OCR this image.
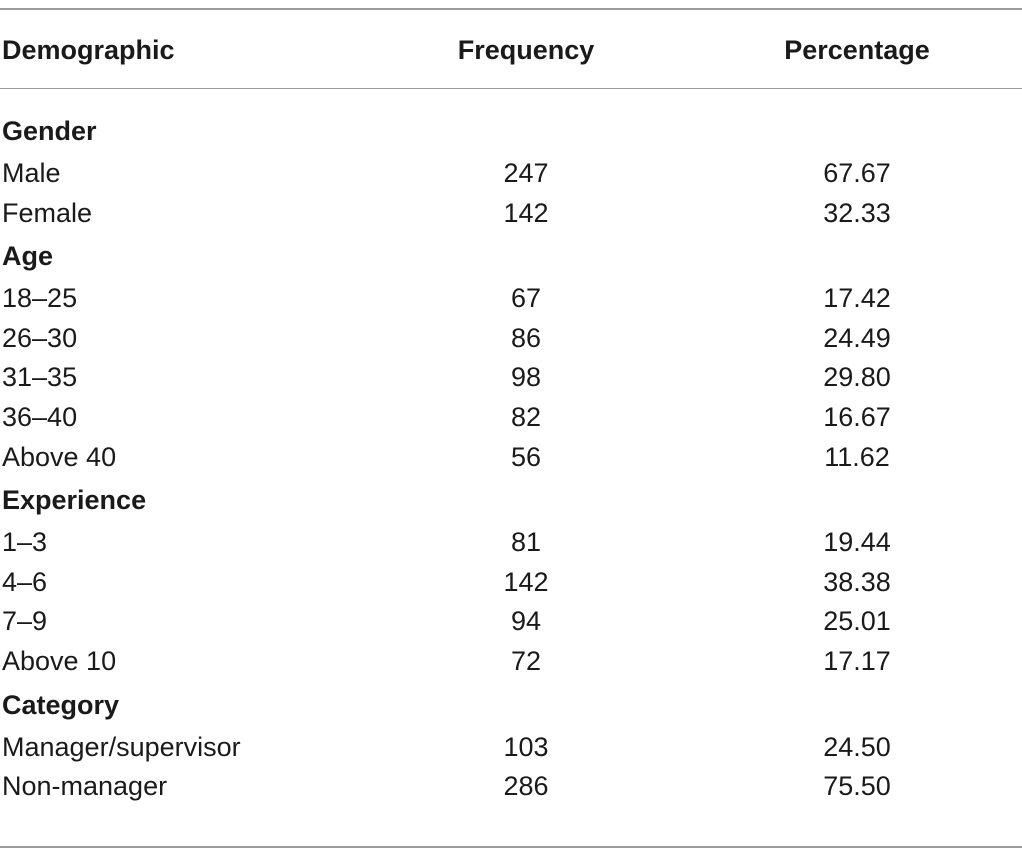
Demographic	Frequency	Percentage
Gender
Male	247	67.67
Female	142	32.33
Age
18–25	67	17.42
26–30	86	24.49
31–35	98	29.80
36–40	82	16.67
Above 40	56	11.62
Experience
1–3	81	19.44
4–6	142	38.38
7–9	94	25.01
Above 10	72	17.17
Category
Manager/supervisor	103	24.50
Non-manager	286	75.50
